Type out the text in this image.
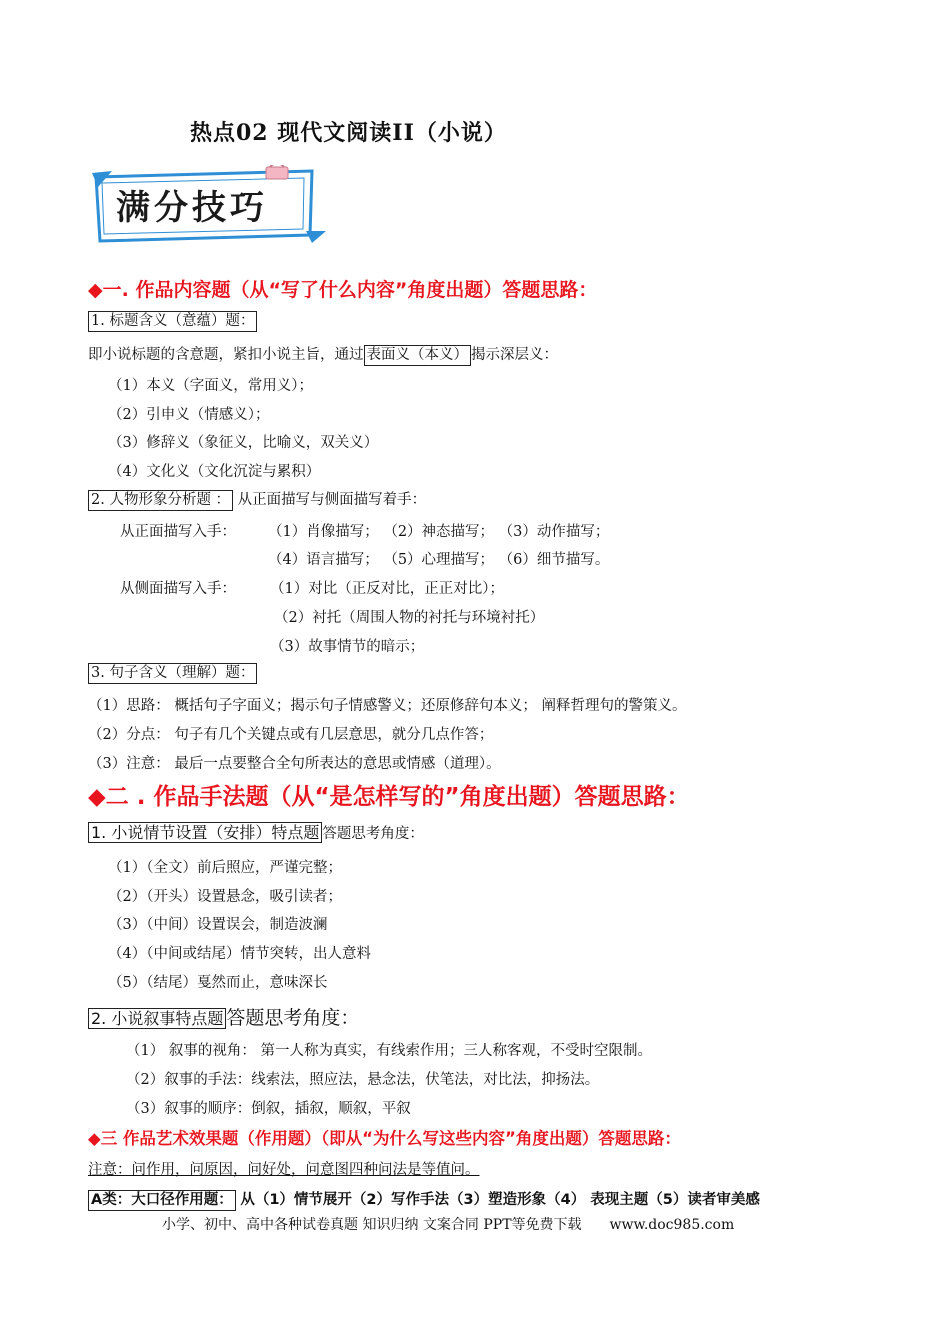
热点02 现代文阅读II（小说）
满分技巧
◆一. 作品内容题（从“写了什么内容”角度出题）答题思路：
1. 标题含义（意蕴）题：
即小说标题的含意题，紧扣小说主旨，通过 表面义（本义） 揭示深层义：
（1）本义（字面义，常用义）；
（2）引申义（情感义）；
（3）修辞义（象征义，比喻义，双关义）
（4）文化义（文化沉淀与累积）
2. 人物形象分析题 ： 从正面描写与侧面描写着手：
从正面描写入手： （1）肖像描写； （2）神态描写； （3）动作描写；
（4）语言描写； （5）心理描写； （6）细节描写。
从侧面描写入手： （1）对比（正反对比，正正对比）；
（2）衬托（周围人物的衬托与环境衬托）
（3）故事情节的暗示；
3. 句子含义（理解）题：
（1）思路： 概括句子字面义；揭示句子情感警义；还原修辞句本义； 阐释哲理句的警策义。
（2）分点： 句子有几个关键点或有几层意思，就分几点作答；
（3）注意： 最后一点要整合全句所表达的意思或情感（道理）。
◆二 . 作品手法题（从“是怎样写的”角度出题）答题思路：
1. 小说情节设置（安排）特点题 答题思考角度：
（1）（全文）前后照应，严谨完整；
（2）（开头）设置悬念，吸引读者；
（3）（中间）设置误会，制造波澜
（4）（中间或结尾）情节突转，出人意料
（5）（结尾）戛然而止，意味深长
2. 小说叙事特点题 答题思考角度：
（1） 叙事的视角： 第一人称为真实，有线索作用；三人称客观，不受时空限制。
（2）叙事的手法：线索法，照应法，悬念法，伏笔法，对比法，抑扬法。
（3）叙事的顺序：倒叙，插叙，顺叙，平叙
◆三 作品艺术效果题（作用题）（即从“为什么写这些内容”角度出题）答题思路：
注意：问作用，问原因，问好处，问意图四种问法是等值问。
A类：大口径作用题： 从（1）情节展开（2）写作手法（3）塑造形象（4） 表现主题（5）读者审美感
小学、初中、高中各种试卷真题 知识归纳 文案合同 PPT等免费下载 www.doc985.com
